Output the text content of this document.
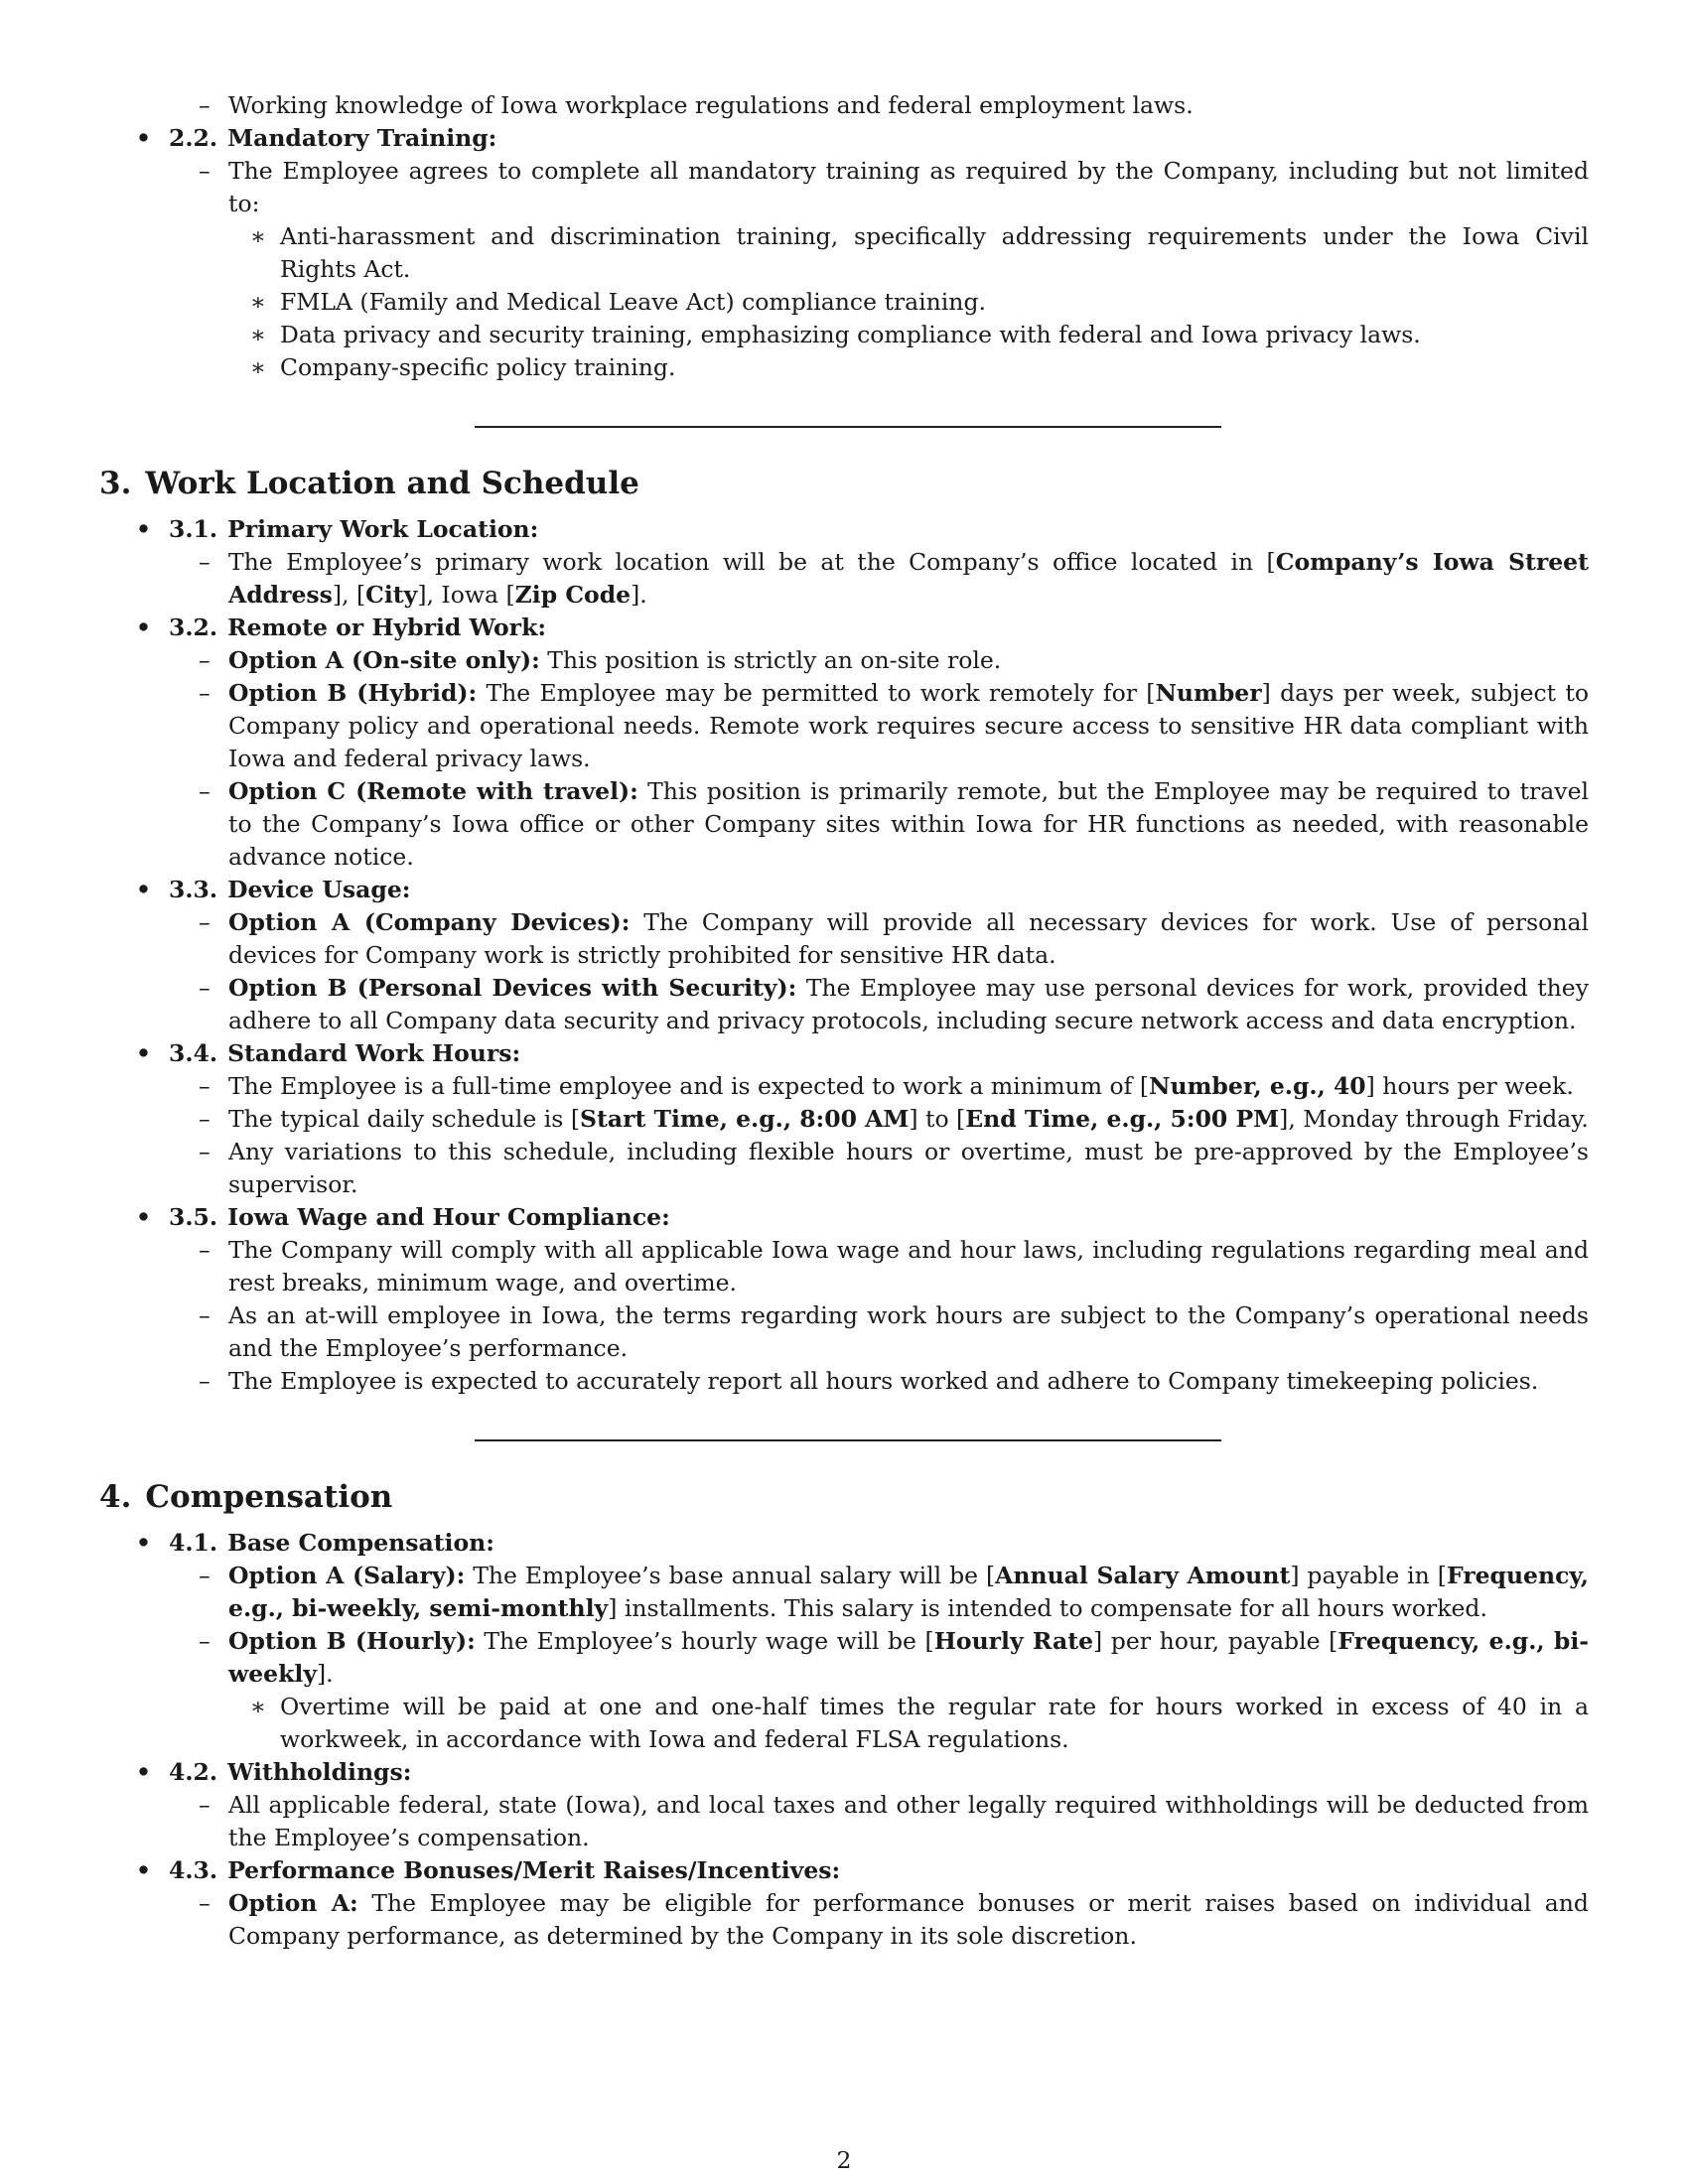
– Working knowledge of Iowa workplace regulations and federal employment laws.
• 2.2. Mandatory Training:
– The Employee agrees to complete all mandatory training as required by the Company, including but not limited to:
∗ Anti-harassment and discrimination training, specifically addressing requirements under the Iowa Civil Rights Act.
∗ FMLA (Family and Medical Leave Act) compliance training.
∗ Data privacy and security training, emphasizing compliance with federal and Iowa privacy laws.
∗ Company-specific policy training.
3. Work Location and Schedule
• 3.1. Primary Work Location:
– The Employee’s primary work location will be at the Company’s office located in [Company’s Iowa Street Address], [City], Iowa [Zip Code].
• 3.2. Remote or Hybrid Work:
– Option A (On-site only): This position is strictly an on-site role.
– Option B (Hybrid): The Employee may be permitted to work remotely for [Number] days per week, subject to Company policy and operational needs. Remote work requires secure access to sensitive HR data compliant with Iowa and federal privacy laws.
– Option C (Remote with travel): This position is primarily remote, but the Employee may be required to travel to the Company’s Iowa office or other Company sites within Iowa for HR functions as needed, with reasonable advance notice.
• 3.3. Device Usage:
– Option A (Company Devices): The Company will provide all necessary devices for work. Use of personal devices for Company work is strictly prohibited for sensitive HR data.
– Option B (Personal Devices with Security): The Employee may use personal devices for work, provided they adhere to all Company data security and privacy protocols, including secure network access and data encryption.
• 3.4. Standard Work Hours:
– The Employee is a full-time employee and is expected to work a minimum of [Number, e.g., 40] hours per week.
– The typical daily schedule is [Start Time, e.g., 8:00 AM] to [End Time, e.g., 5:00 PM], Monday through Friday.
– Any variations to this schedule, including flexible hours or overtime, must be pre-approved by the Employee’s supervisor.
• 3.5. Iowa Wage and Hour Compliance:
– The Company will comply with all applicable Iowa wage and hour laws, including regulations regarding meal and rest breaks, minimum wage, and overtime.
– As an at-will employee in Iowa, the terms regarding work hours are subject to the Company’s operational needs and the Employee’s performance.
– The Employee is expected to accurately report all hours worked and adhere to Company timekeeping policies.
4. Compensation
• 4.1. Base Compensation:
– Option A (Salary): The Employee’s base annual salary will be [Annual Salary Amount] payable in [Frequency, e.g., bi-weekly, semi-monthly] installments. This salary is intended to compensate for all hours worked.
– Option B (Hourly): The Employee’s hourly wage will be [Hourly Rate] per hour, payable [Frequency, e.g., bi-weekly].
∗ Overtime will be paid at one and one-half times the regular rate for hours worked in excess of 40 in a workweek, in accordance with Iowa and federal FLSA regulations.
• 4.2. Withholdings:
– All applicable federal, state (Iowa), and local taxes and other legally required withholdings will be deducted from the Employee’s compensation.
• 4.3. Performance Bonuses/Merit Raises/Incentives:
– Option A: The Employee may be eligible for performance bonuses or merit raises based on individual and Company performance, as determined by the Company in its sole discretion.
2
